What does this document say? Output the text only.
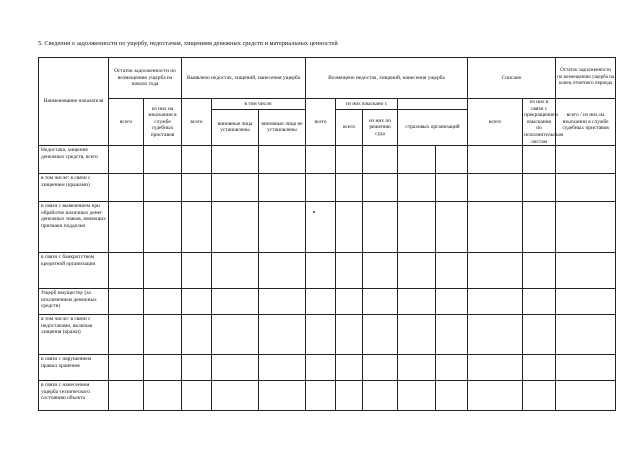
5. Сведения о задолженности по ущербу, недостачам, хищениям денежных средств и материальных ценностей
Наименование показателя	Остаток задолженности по возмещению ущерба на начало года		Выявлено недостач, хищений, нанесения ущерба			Возмещено недостач, хищений, нанесения ущерба					Списано		Остаток задолженности по возмещению ущерба на конец отчетного периода
	всего	из них на взыскании в службе судебных приставов	всего	в том числе:		всего	из них взыскано с				всего	из них в связи с прекращением взыскания по исполнительным листам	всего / из них на взыскании в службе судебных приставов
				виновные лица установлены	виновные лица не установлены		всего	из них по решению суда	страховых организаций				
Недостача, хищение денежных средств, всего													
в том числе: в связи с хищением (кражами)													
в связи с выявлением при обработке наличных денег денежных знаков, имеющих признаки подделки													
в связи с банкротством кредитной организации													
Ущерб имуществу (за исключением денежных средств)													
в том числе: в связи с недостачами, включая хищения (кражи)													
в связи с нарушением правил хранения													
в связи с нанесением ущерба технического состоянию объекта													
